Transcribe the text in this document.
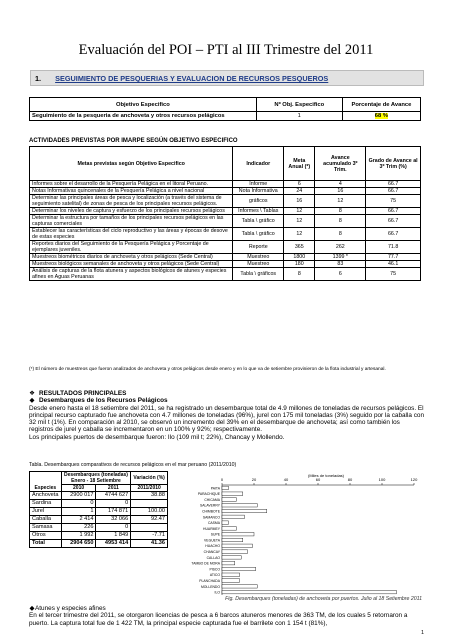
Evaluación del POI – PTI al III Trimestre del 2011
1. SEGUIMIENTO DE PESQUERIAS Y EVALUACION DE RECURSOS PESQUEROS
Objetivo Especifico	Nº Obj. Especifico	Porcentaje de Avance
Seguimiento de la pesqueria de anchoveta y otros recursos pelágicos	1	68 %
ACTIVIDADES PREVISTAS POR IMARPE SEGÚN OBJETIVO ESPECIFICO
Metas previstas según Objetivo Especifico	Indicador	Meta Anual (*)	Avance acumulado 3º Trim.	Grado de Avance al 3º Trim (%)
Informes sobre el desarrollo de la Pesquería Pelágica en el litoral Peruano.	Informe	6	4	66.7
Notas Informativas quincenales de la Pesquería Pelágica a nivel nacional	Nota Informativa	24	16	66.7
Determinar las principales áreas de pesca y localización (a través del sistema de seguimiento satelital) de zonas de pesca de los principales recursos pelágicos.	gráficos	16	12	75
Determinar los niveles de captura y esfuerzo de los principales recursos pelágicos	Informes \ Tablas	12	8	66.7
Determinar la estructura por tamaños de los principales recursos pelágicos en las capturas comerciales	Tabla \ gráfico	12	8	66.7
Establecer las características del ciclo reproductivo y las áreas y épocas de desove de estas especies	Tabla \ gráfico	12	8	66.7
Reportes diarios del Seguimiento de la Pesquería Pelágica y Porcentaje de ejemplares juveniles.	Reporte	365	262	71.8
Muestreos biométricos diarios de anchoveta y otros pelágicos (Sede Central)	Muestreo	1800	1399 *	77.7
Muestreos biológicos semanales de anchoveta y otros pelágicos (Sede Central)	Muestreo	180	83	46.1
Análisis de capturas de la flota atunera y aspectos biológicos de atunes y especies afines en Aguas Peruanas	Tabla \ gráficos	8	6	75
(*) El número de muestreos que fueron analizados de anchoveta y otros pelágicos desde enero y en lo que va de setiembre provinieron de la flota industrial y artesanal.
❖ RESULTADOS PRINCIPALES
◆ Desembarques de los Recursos Pelágicos

Desde enero hasta el 18 setiembre del 2011, se ha registrado un desembarque total de 4.9 millones de toneladas de recursos pelágicos. El principal recurso capturado fue anchoveta con 4.7 millones de toneladas (96%), jurel con 175 mil toneladas (3%) seguido por la caballa con 32 mil t (1%). En comparación al 2010, se observó un incremento del 39% en el desembarque de anchoveta; así como también los registros de jurel y caballa se incrementaron en un 100% y 92%; respectivamente.

Los principales puertos de desembarque fueron: Ilo (109 mil t; 22%), Chancay y Mollendo.

Tabla. Desembarques comparativos de recursos pelágicos en el mar peruano (2011/2010)
Especies	Desembarques (toneladas)
Enero - 18 Setiembre		Variación (%)
	2010	2011	2011/2010
Anchoveta	2900 017	4744 627	38.88
Sardina	0	0	
Jurel	1	174 871	100.00
Caballa	2 414	32 066	92.47
Samasa	226	0	
Otros	1 992	1 849	-7.71
Total	2904 650	4953 414	41.36
(Miles de toneladas)
0	20	40	60	80	100	120
PAITA
PARACHIQUE
CHICAMA
SALAVERRY
CHIMBOTE
SAMANCO
CASMA
HUARMEY
SUPE
VEGUETA
HUACHO
CHANCAY
CALLAO
TAMBO DE MORA
PISCO
ATICO
PLANCHADA
MOLLENDO
ILO
Fig. Desembarques (toneladas) de anchoveta por puertos. Julio al 18 Setiembre 2011
◆Atunes y especies afines

En el tercer trimestre del 2011, se otorgaron licencias de pesca a 6 barcos atuneros menores de 363 TM, de los cuales 5 retornaron a puerto. La captura total fue de 1 422 TM, la principal especie capturada fue el barrilete con 1 154 t (81%),

1
